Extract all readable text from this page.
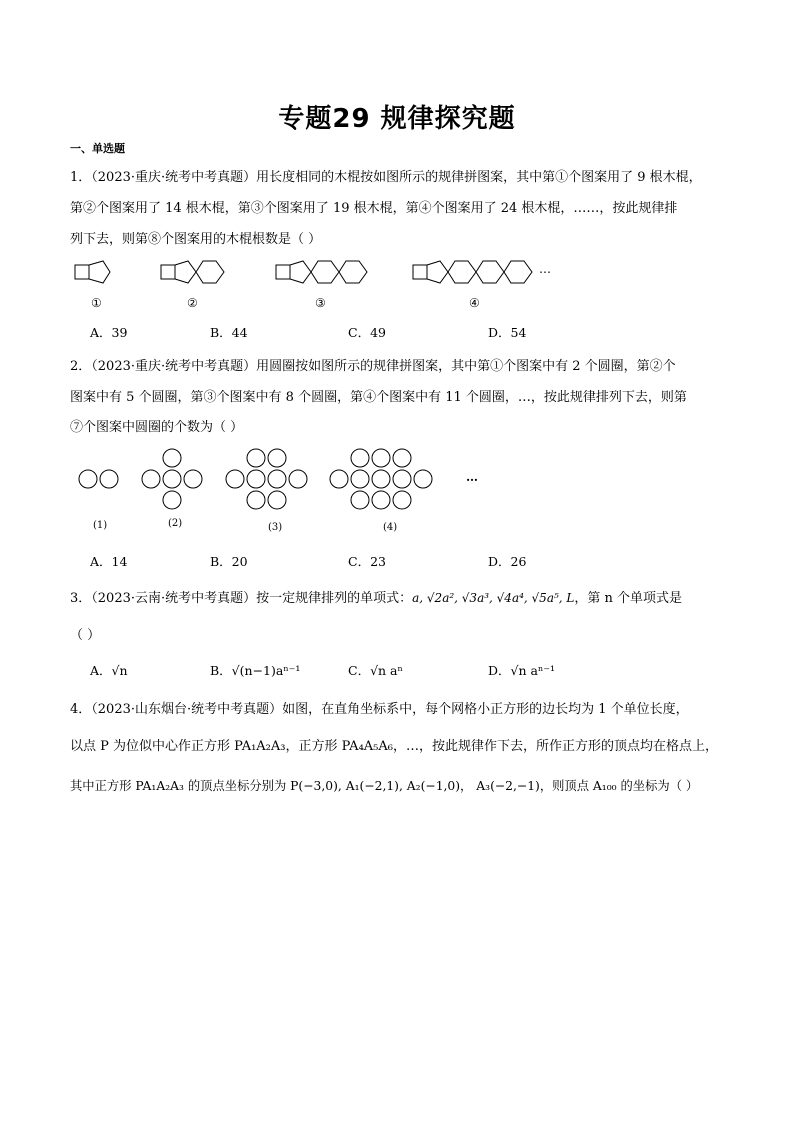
专题29 规律探究题
一、单选题
1．（2023·重庆·统考中考真题）用长度相同的木棍按如图所示的规律拼图案，其中第①个图案用了 9 根木棍，
第②个图案用了 14 根木棍，第③个图案用了 19 根木棍，第④个图案用了 24 根木棍，……，按此规律排
列下去，则第⑧个图案用的木棍根数是（ ）
…
①	②	③	④
A．39	B．44	C．49	D．54
2．（2023·重庆·统考中考真题）用圆圈按如图所示的规律拼图案，其中第①个图案中有 2 个圆圈，第②个
图案中有 5 个圆圈，第③个图案中有 8 个圆圈，第④个图案中有 11 个圆圈，…，按此规律排列下去，则第
⑦个图案中圆圈的个数为（ ）
…
(1)	(2)	(3)	(4)
A．14	B．20	C．23	D．26
3．（2023·云南·统考中考真题）按一定规律排列的单项式：a, √2a², √3a³, √4a⁴, √5a⁵, L，第 n 个单项式是
（ ）
A．√n	B．√(n−1)aⁿ⁻¹	C．√n aⁿ	D．√n aⁿ⁻¹
4．（2023·山东烟台·统考中考真题）如图，在直角坐标系中，每个网格小正方形的边长均为 1 个单位长度，
以点 P 为位似中心作正方形 PA₁A₂A₃，正方形 PA₄A₅A₆，…，按此规律作下去，所作正方形的顶点均在格点上，
其中正方形 PA₁A₂A₃ 的顶点坐标分别为 P(−3,0), A₁(−2,1), A₂(−1,0)， A₃(−2,−1)，则顶点 A₁₀₀ 的坐标为（ ）
